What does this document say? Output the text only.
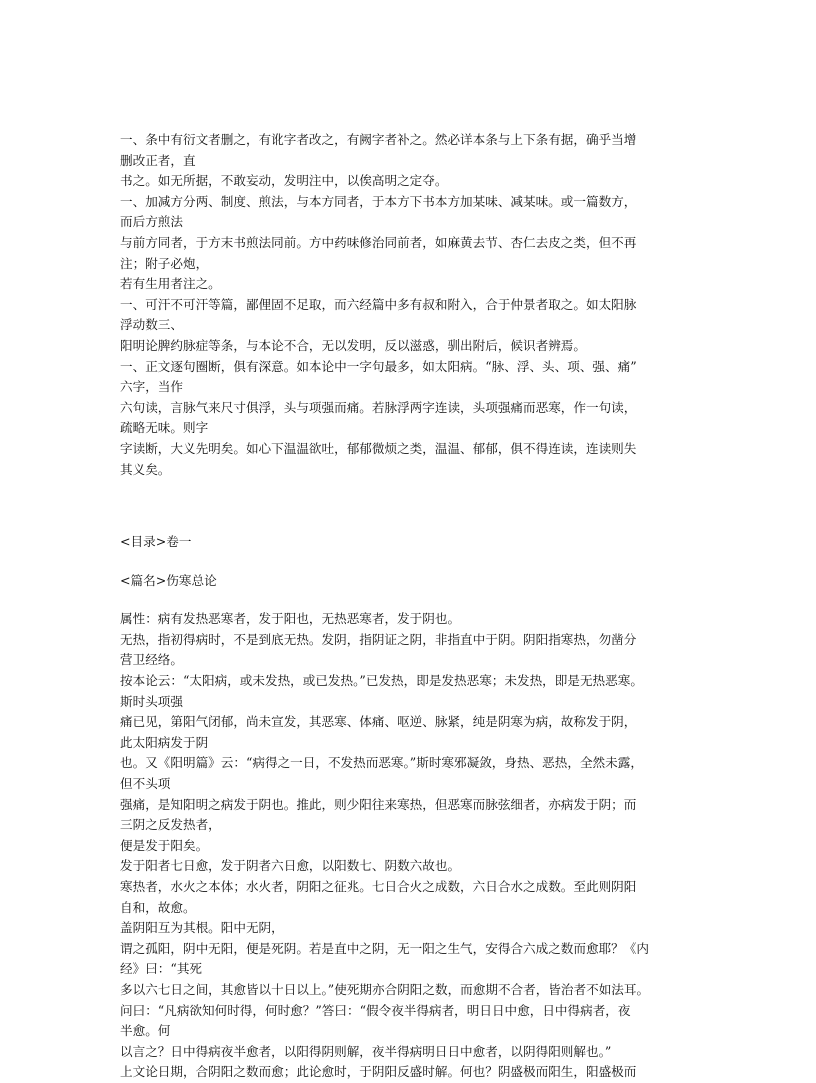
一、条中有衍文者删之，有讹字者改之，有阙字者补之。然必详本条与上下条有据，确乎当增
删改正者，直
书之。如无所据，不敢妄动，发明注中，以俟高明之定夺。
一、加减方分两、制度、煎法，与本方同者，于本方下书本方加某味、减某味。或一篇数方，
而后方煎法
与前方同者，于方末书煎法同前。方中药味修治同前者，如麻黄去节、杏仁去皮之类，但不再
注；附子必炮，
若有生用者注之。
一、可汗不可汗等篇，鄙俚固不足取，而六经篇中多有叔和附入，合于仲景者取之。如太阳脉
浮动数三、
阳明论脾约脉症等条，与本论不合，无以发明，反以滋惑，驯出附后，候识者辨焉。
一、正文逐句圈断，俱有深意。如本论中一字句最多，如太阳病。“脉、浮、头、项、强、痛”
六字，当作
六句读，言脉气来尺寸俱浮，头与项强而痛。若脉浮两字连读，头项强痛而恶寒，作一句读，
疏略无味。则字
字读断，大义先明矣。如心下温温欲吐，郁郁微烦之类，温温、郁郁，俱不得连读，连读则失
其义矣。
<目录>卷一
<篇名>伤寒总论
属性：病有发热恶寒者，发于阳也，无热恶寒者，发于阴也。
无热，指初得病时，不是到底无热。发阴，指阴证之阴，非指直中于阴。阴阳指寒热，勿凿分
营卫经络。
按本论云：“太阳病，或未发热，或已发热。”已发热，即是发热恶寒；未发热，即是无热恶寒。
斯时头项强
痛已见，第阳气闭郁，尚未宣发，其恶寒、体痛、呕逆、脉紧，纯是阴寒为病，故称发于阴，
此太阳病发于阴
也。又《阳明篇》云：“病得之一日，不发热而恶寒。”斯时寒邪凝敛，身热、恶热，全然未露，
但不头项
强痛，是知阳明之病发于阴也。推此，则少阳往来寒热，但恶寒而脉弦细者，亦病发于阴；而
三阴之反发热者，
便是发于阳矣。
发于阳者七日愈，发于阴者六日愈，以阳数七、阴数六故也。
寒热者，水火之本体；水火者，阴阳之征兆。七日合火之成数，六日合水之成数。至此则阴阳
自和，故愈。
盖阴阳互为其根。阳中无阴，
谓之孤阳，阴中无阳，便是死阴。若是直中之阴，无一阳之生气，安得合六成之数而愈耶？《内
经》曰：“其死
多以六七日之间，其愈皆以十日以上。”使死期亦合阴阳之数，而愈期不合者，皆治者不如法耳。
问曰：“凡病欲知何时得，何时愈？”答曰：“假令夜半得病者，明日日中愈，日中得病者，夜
半愈。何
以言之？日中得病夜半愈者，以阳得阴则解，夜半得病明日日中愈者，以阴得阳则解也。”
上文论日期，合阴阳之数而愈；此论愈时，于阴阳反盛时解。何也？阴盛极而阳生，阳盛极而
